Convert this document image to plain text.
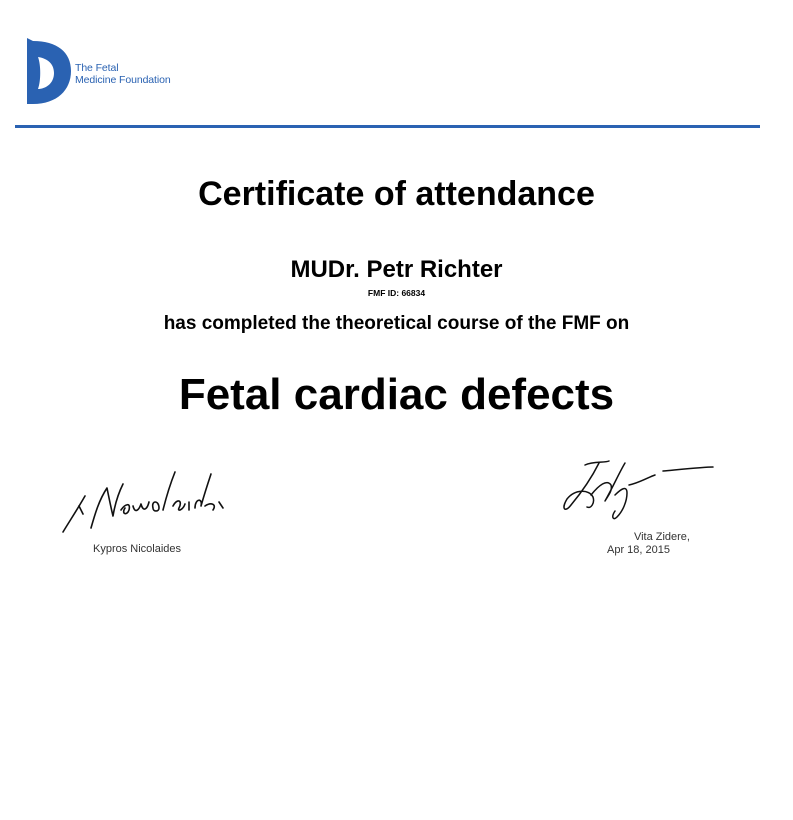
The Fetal
Medicine Foundation
Certificate of attendance
MUDr. Petr Richter
FMF ID: 66834
has completed the theoretical course of the FMF on
Fetal cardiac defects
Kypros Nicolaides
Vita Zidere,
Apr 18, 2015
